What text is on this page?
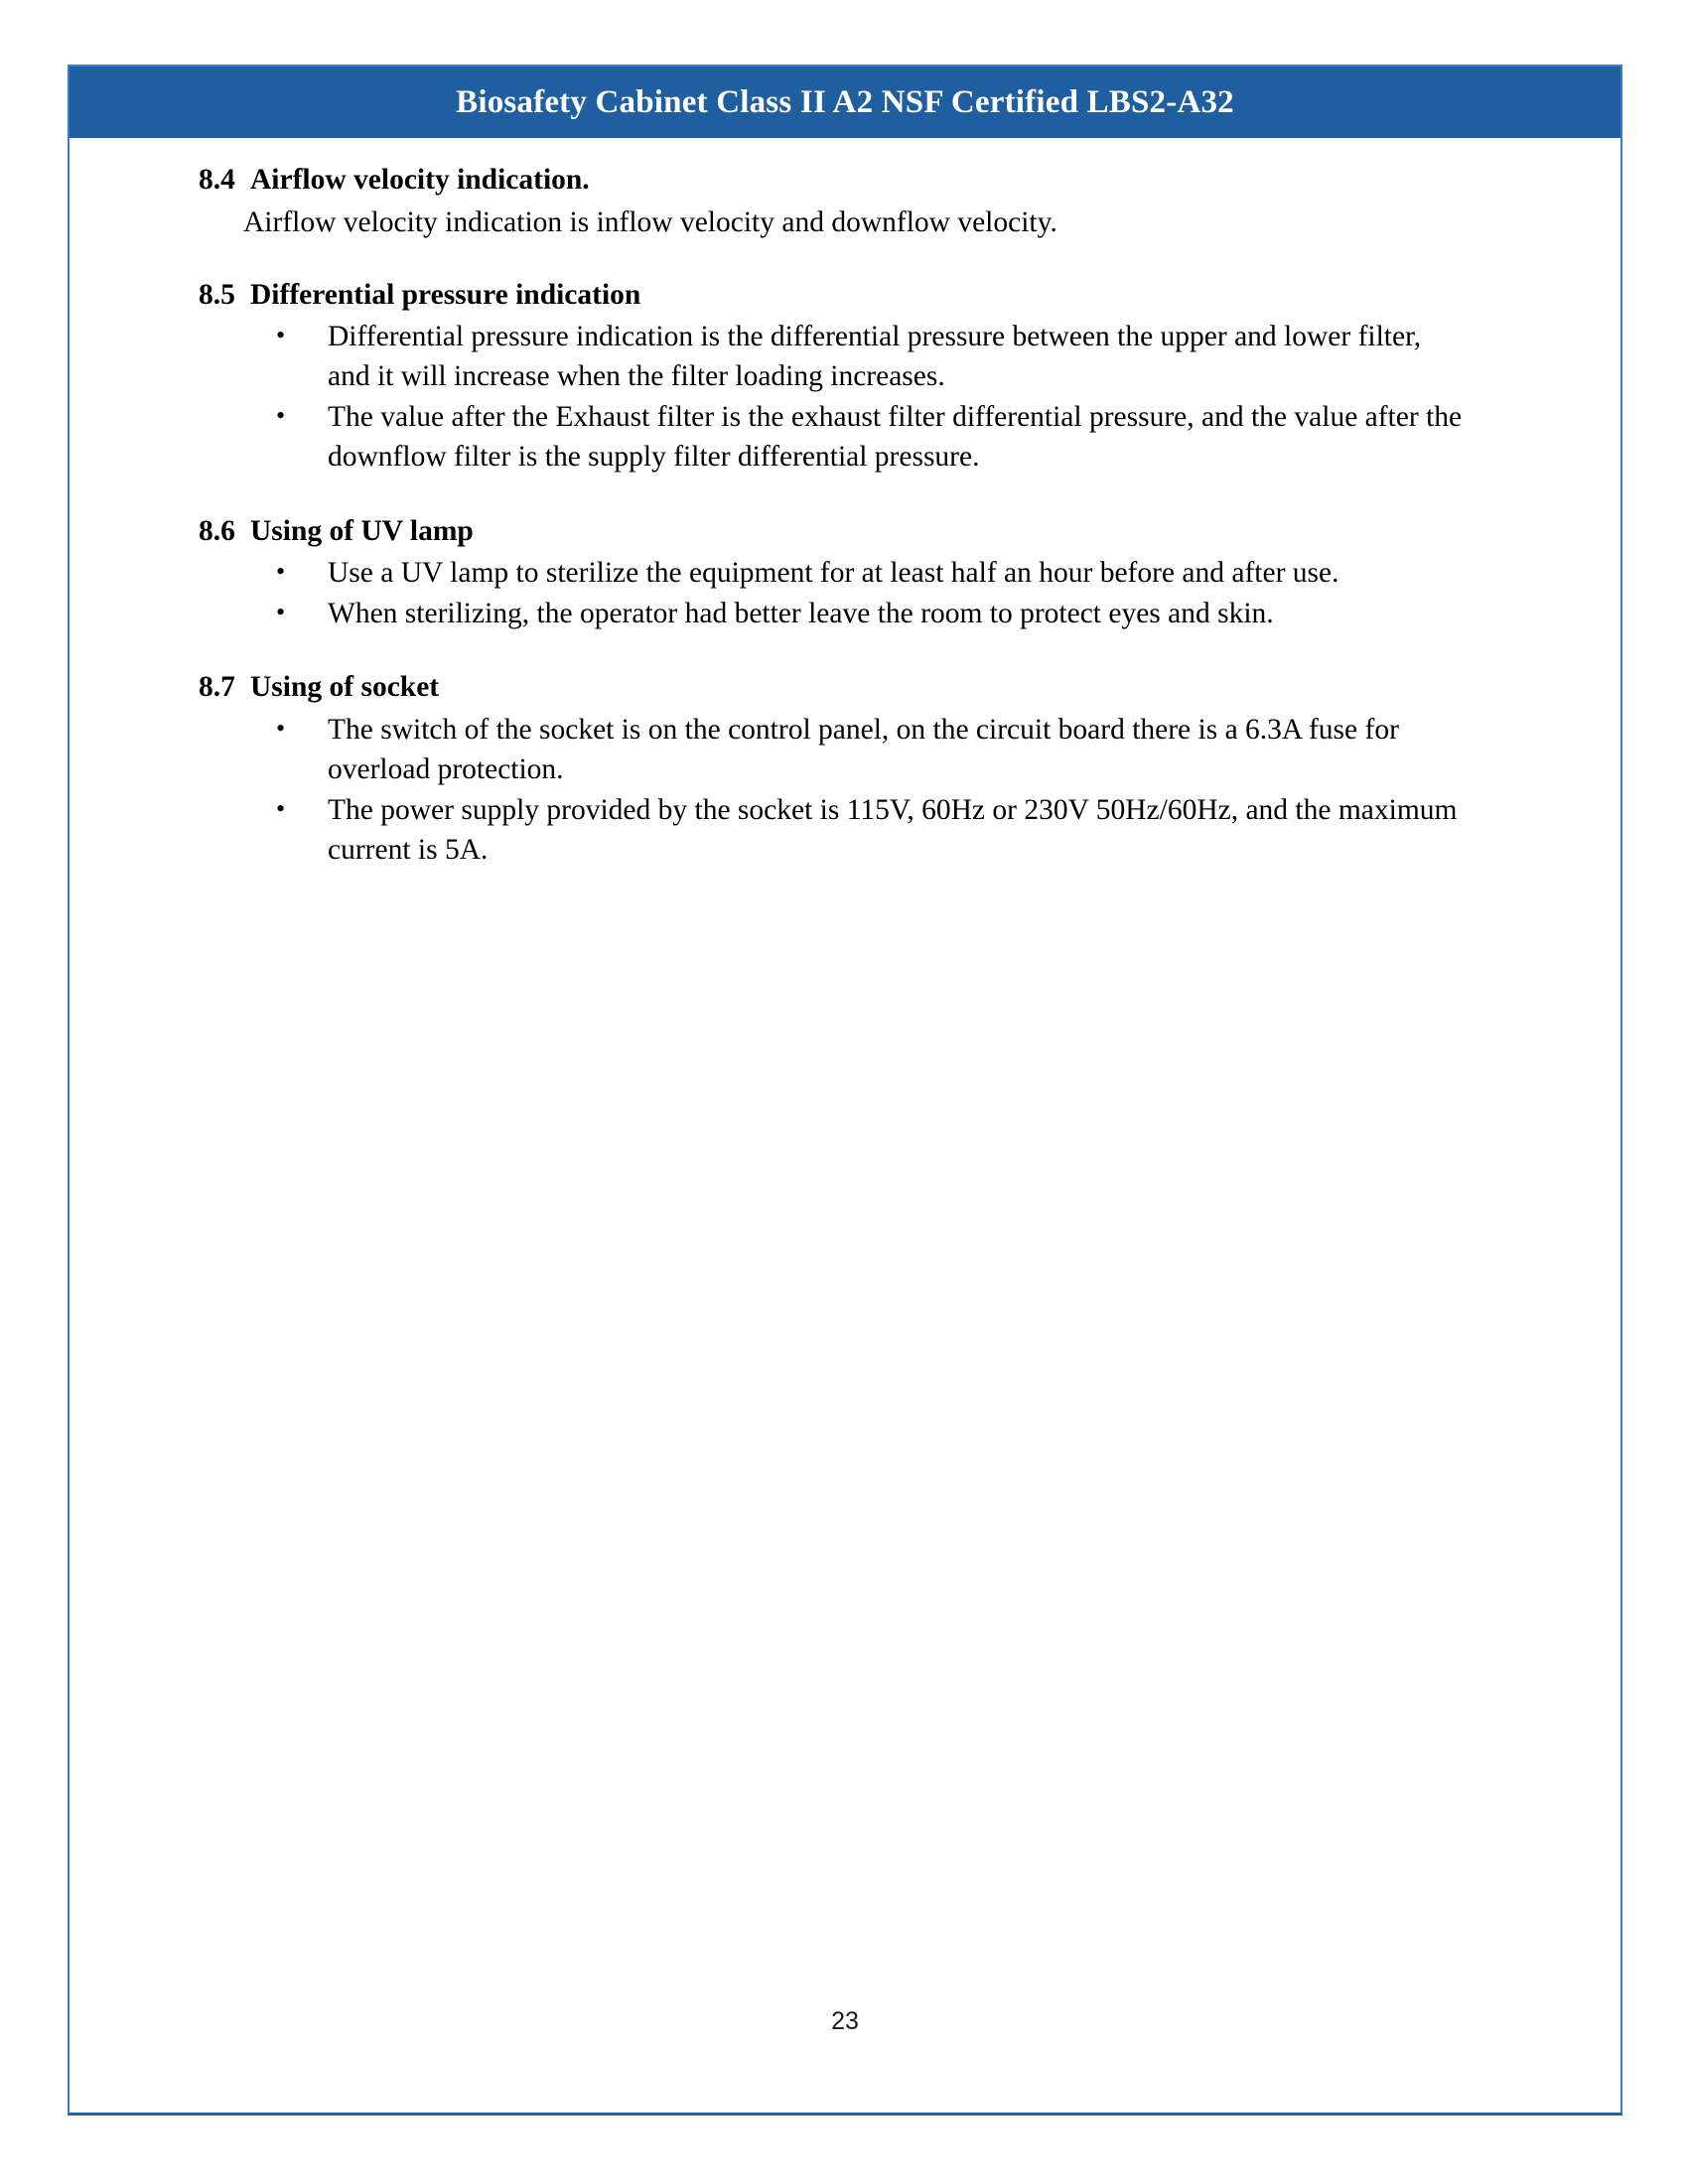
Biosafety Cabinet Class II A2 NSF Certified LBS2-A32
8.4 Airflow velocity indication.

Airflow velocity indication is inflow velocity and downflow velocity.

8.5 Differential pressure indication
• Differential pressure indication is the differential pressure between the upper and lower filter, and it will increase when the filter loading increases.
• The value after the Exhaust filter is the exhaust filter differential pressure, and the value after the downflow filter is the supply filter differential pressure.
8.6 Using of UV lamp
• Use a UV lamp to sterilize the equipment for at least half an hour before and after use.
• When sterilizing, the operator had better leave the room to protect eyes and skin.
8.7 Using of socket
• The switch of the socket is on the control panel, on the circuit board there is a 6.3A fuse for overload protection.
• The power supply provided by the socket is 115V, 60Hz or 230V 50Hz/60Hz, and the maximum current is 5A.
23
